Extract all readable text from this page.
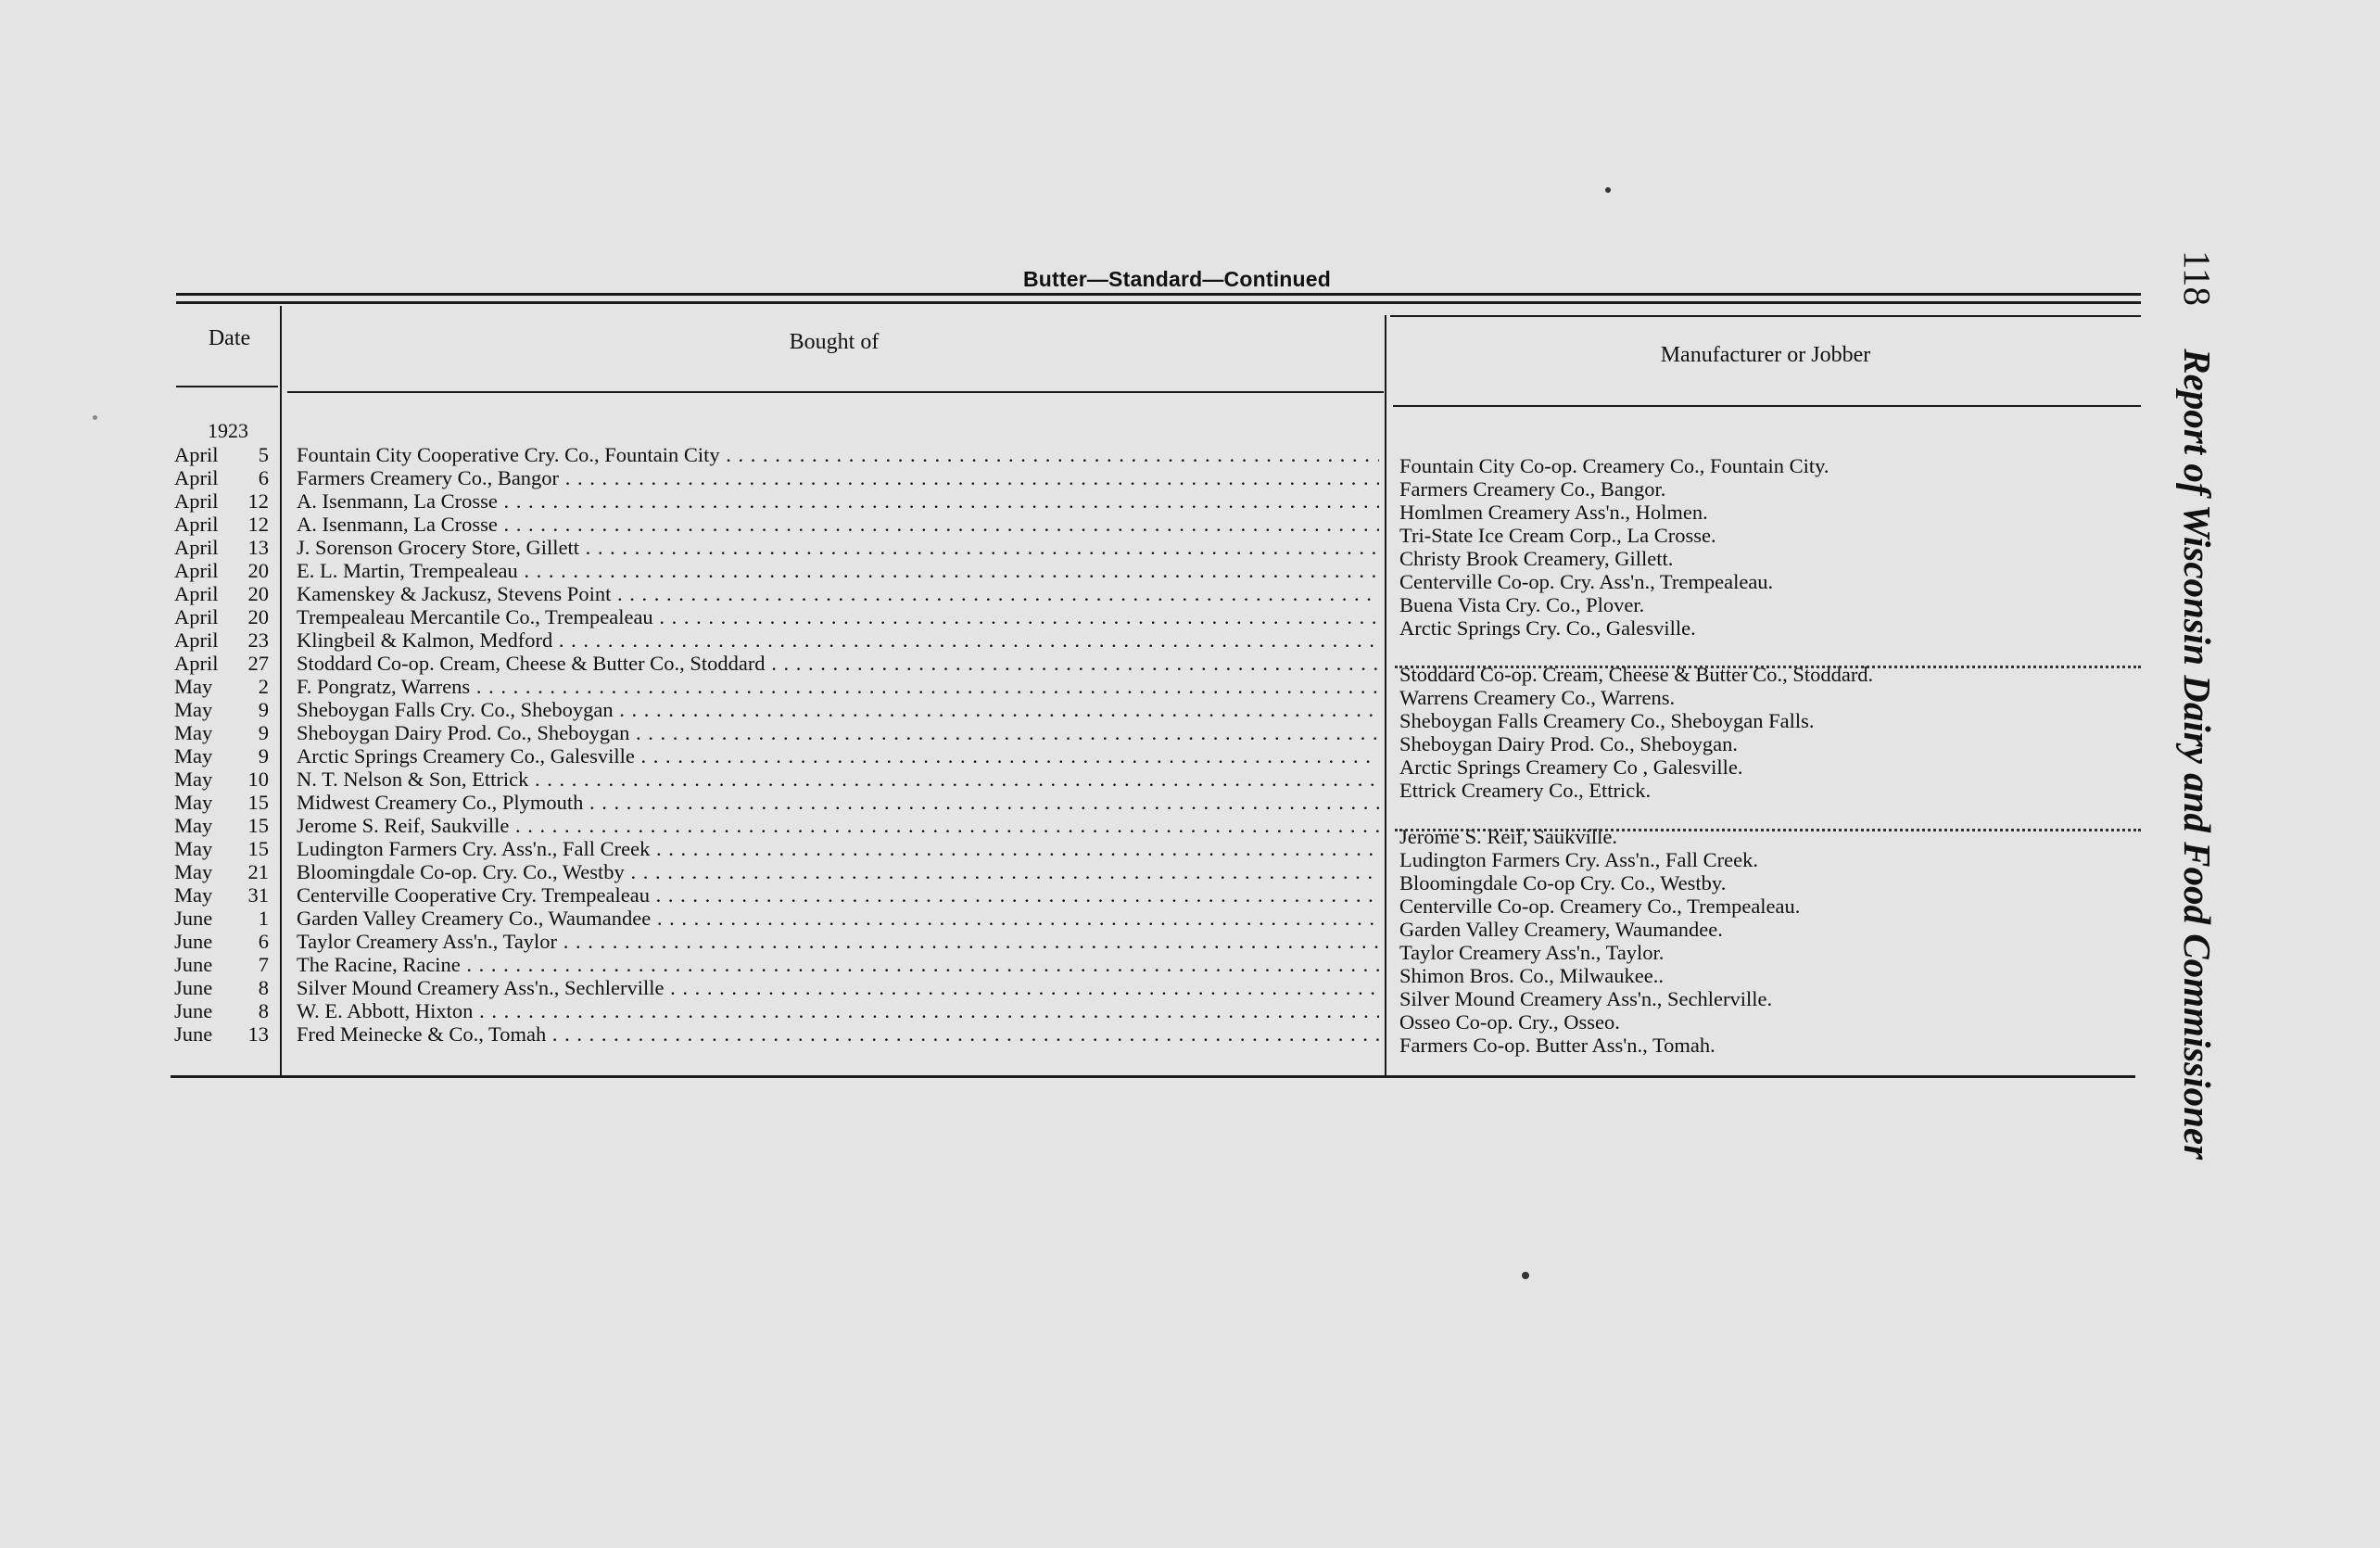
Butter—Standard—Continued
Date	Bought of
Manufacturer or Jobber
1923
April	5 Fountain City Cooperative Cry. Co., Fountain City . . .	Fountain City Co-op. Creamery Co., Fountain City.
April	6 Farmers Creamery Co., Bangor . . .	Farmers Creamery Co., Bangor.
April	12 A. Isenmann, La Crosse . . .	Homlmen Creamery Ass'n., Holmen.
April	12 A. Isenmann, La Crosse . . .	Tri-State Ice Cream Corp., La Crosse.
April	13 J. Sorenson Grocery Store, Gillett . . .	Christy Brook Creamery, Gillett.
April	20 E. L. Martin, Trempealeau . . .	Centerville Co-op. Cry. Ass'n., Trempealeau.
April	20 Kamenskey & Jackusz, Stevens Point . . .	Buena Vista Cry. Co., Plover.
April	20 Trempealeau Mercantile Co., Trempealeau . . .	Arctic Springs Cry. Co., Galesville.
April	23 Klingbeil & Kalmon, Medford . . .
April	27 Stoddard Co-op. Cream, Cheese & Butter Co., Stoddard . . .	Stoddard Co-op. Cream, Cheese & Butter Co., Stoddard.
May	2 F. Pongratz, Warrens . . .	Warrens Creamery Co., Warrens.
May	9 Sheboygan Falls Cry. Co., Sheboygan . . .	Sheboygan Falls Creamery Co., Sheboygan Falls.
May	9 Sheboygan Dairy Prod. Co., Sheboygan . . .	Sheboygan Dairy Prod. Co., Sheboygan.
May	9 Arctic Springs Creamery Co., Galesville . . .	Arctic Springs Creamery Co , Galesville.
May	10 N. T. Nelson & Son, Ettrick . . .	Ettrick Creamery Co., Ettrick.
May	15 Midwest Creamery Co., Plymouth . . .
May	15 Jerome S. Reif, Saukville . . .	Jerome S. Reif, Saukville.
May	15 Ludington Farmers Cry. Ass'n., Fall Creek . . .	Ludington Farmers Cry. Ass'n., Fall Creek.
May	21 Bloomingdale Co-op. Cry. Co., Westby . . .	Bloomingdale Co-op Cry. Co., Westby.
May	31 Centerville Cooperative Cry. Trempealeau . . .	Centerville Co-op. Creamery Co., Trempealeau.
June	1 Garden Valley Creamery Co., Waumandee . . .	Garden Valley Creamery, Waumandee.
June	6 Taylor Creamery Ass'n., Taylor . . .	Taylor Creamery Ass'n., Taylor.
June	7 The Racine, Racine . . .	Shimon Bros. Co., Milwaukee..
June	8 Silver Mound Creamery Ass'n., Sechlerville . . .	Silver Mound Creamery Ass'n., Sechlerville.
June	8 W. E. Abbott, Hixton . . .	Osseo Co-op. Cry., Osseo.
June	13 Fred Meinecke & Co., Tomah . . .	Farmers Co-op. Butter Ass'n., Tomah.
118 Report of Wisconsin Dairy and Food Commissioner
